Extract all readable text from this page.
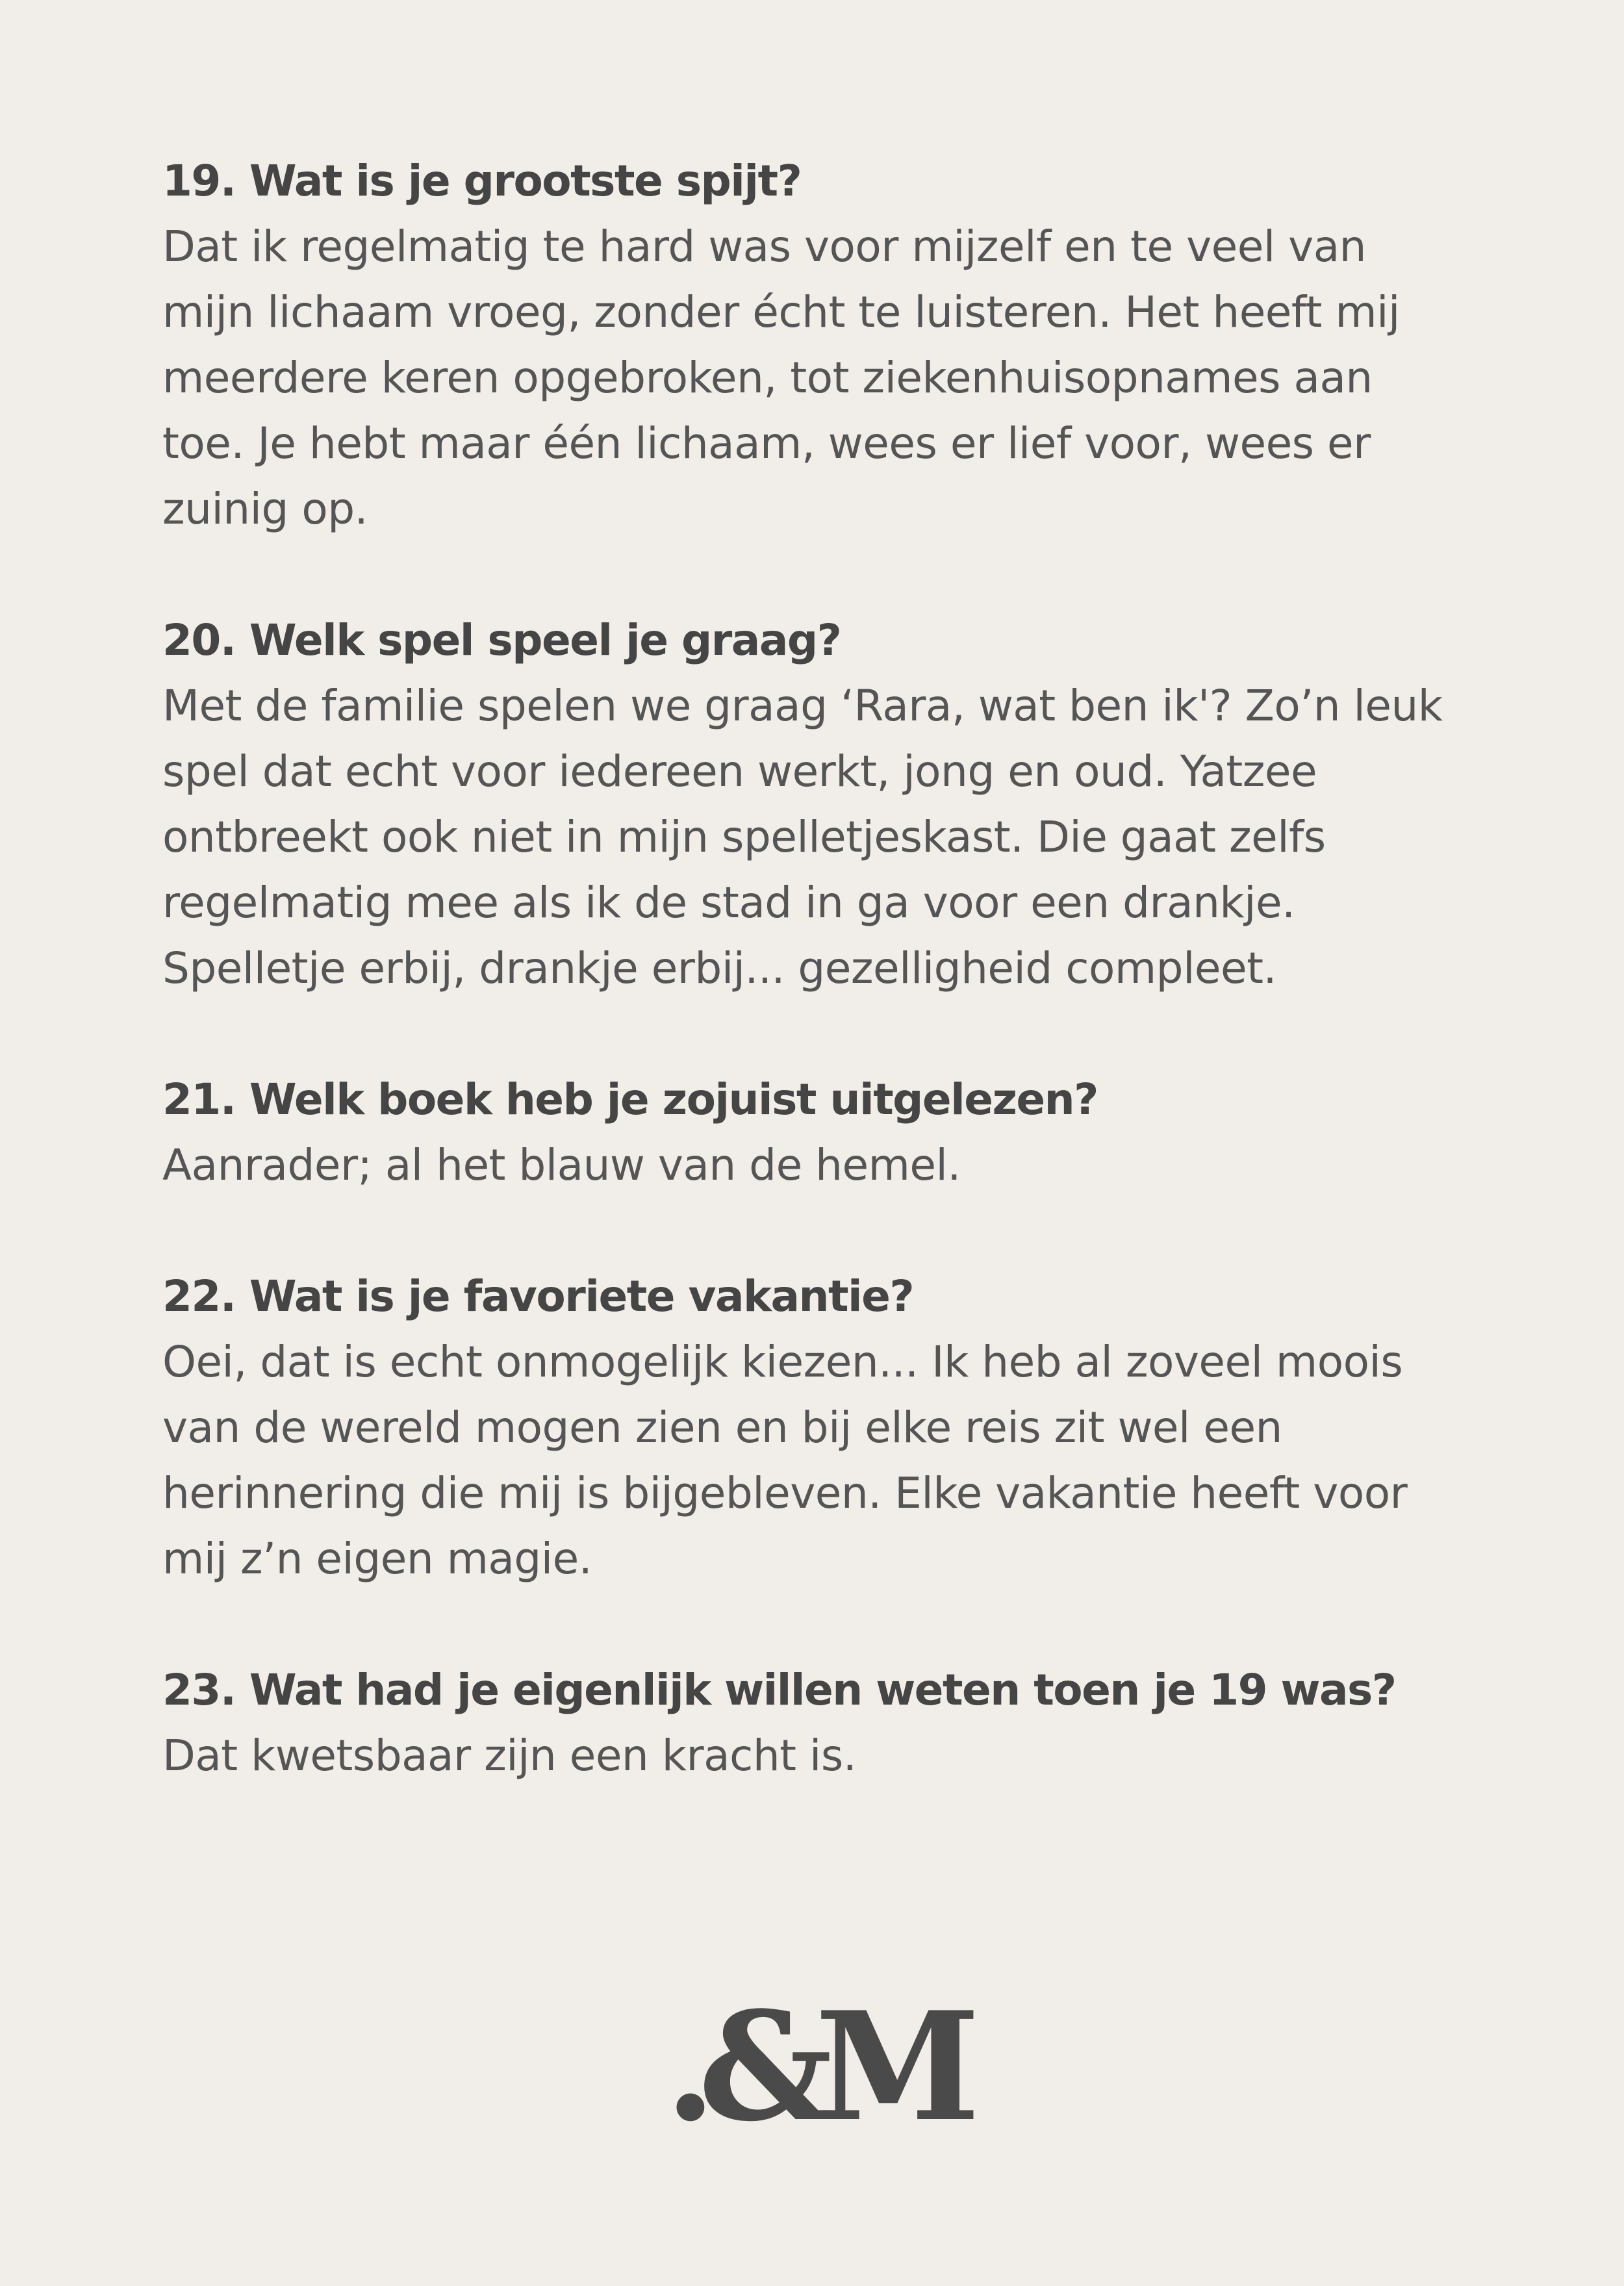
19. Wat is je grootste spijt?

Dat ik regelmatig te hard was voor mijzelf en te veel van
mijn lichaam vroeg, zonder écht te luisteren. Het heeft mij
meerdere keren opgebroken, tot ziekenhuisopnames aan
toe. Je hebt maar één lichaam, wees er lief voor, wees er
zuinig op.

20. Welk spel speel je graag?

Met de familie spelen we graag ‘Rara, wat ben ik'? Zo’n leuk
spel dat echt voor iedereen werkt, jong en oud. Yatzee
ontbreekt ook niet in mijn spelletjeskast. Die gaat zelfs
regelmatig mee als ik de stad in ga voor een drankje.
Spelletje erbij, drankje erbij... gezelligheid compleet.

21. Welk boek heb je zojuist uitgelezen?

Aanrader; al het blauw van de hemel.

22. Wat is je favoriete vakantie?

Oei, dat is echt onmogelijk kiezen... Ik heb al zoveel moois
van de wereld mogen zien en bij elke reis zit wel een
herinnering die mij is bijgebleven. Elke vakantie heeft voor
mij z’n eigen magie.

23. Wat had je eigenlijk willen weten toen je 19 was?

Dat kwetsbaar zijn een kracht is.

.&M
